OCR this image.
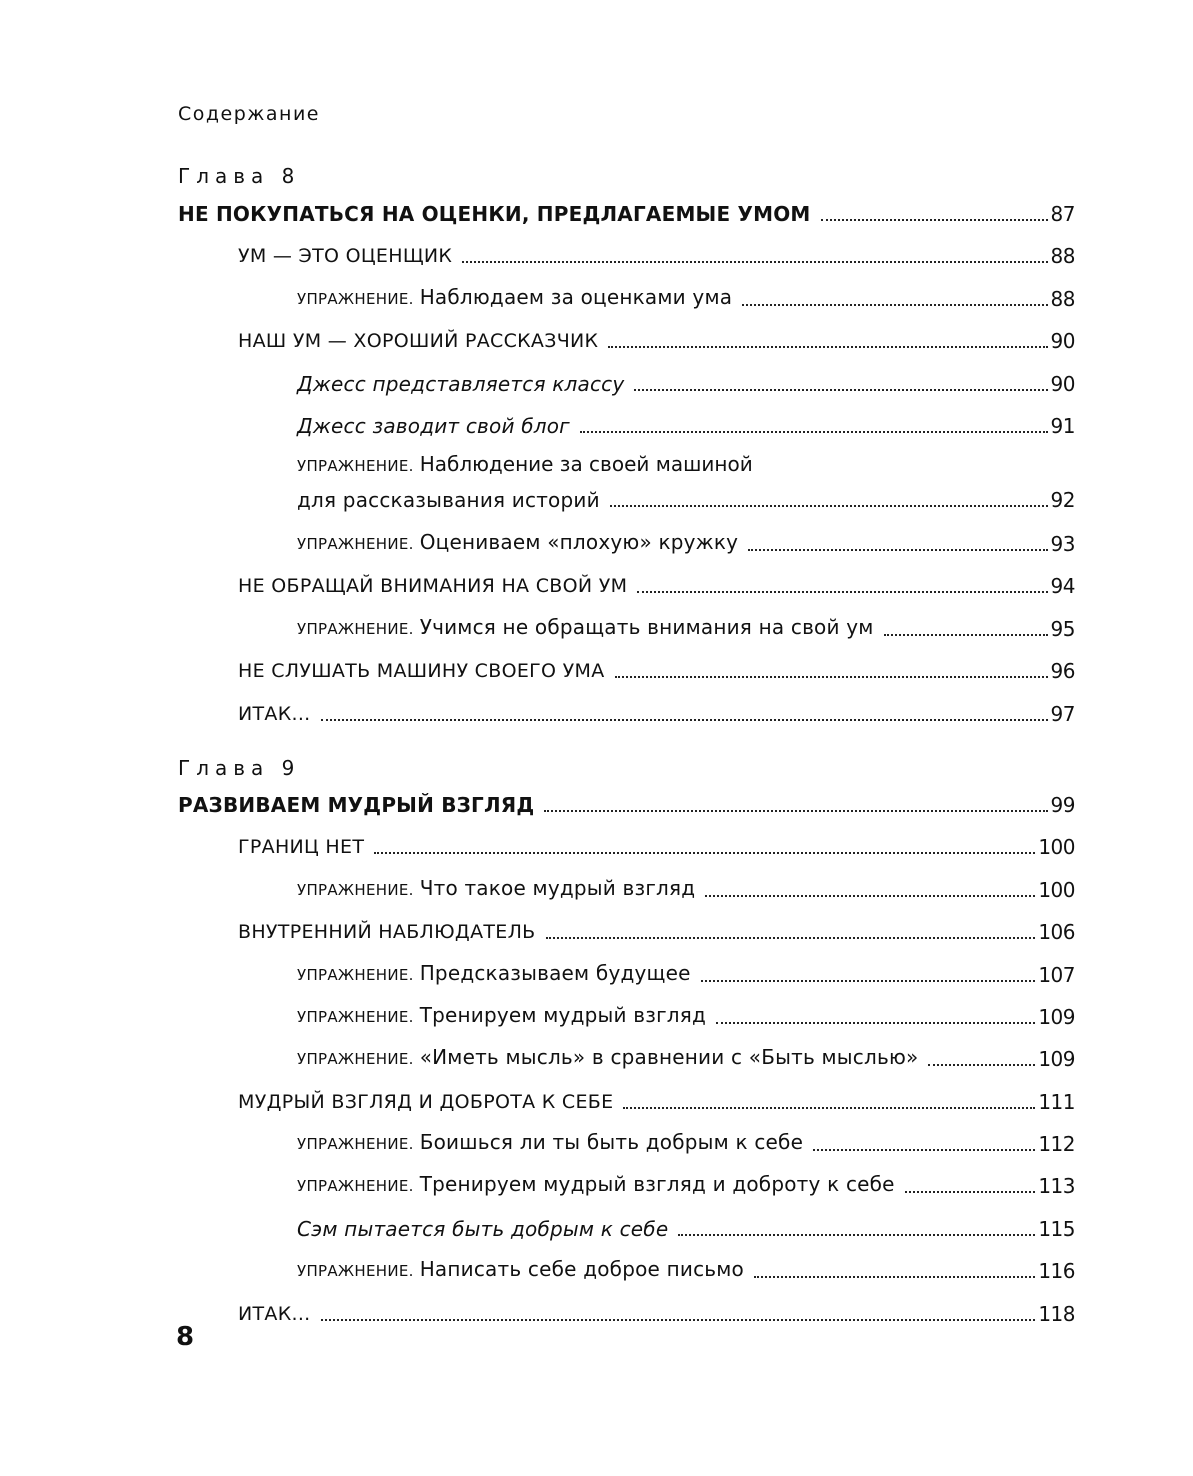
Содержание
Глава 8
НЕ ПОКУПАТЬСЯ НА ОЦЕНКИ, ПРЕДЛАГАЕМЫЕ УМОМ	87
УМ — ЭТО ОЦЕНЩИК	88
УПРАЖНЕНИЕ. Наблюдаем за оценками ума	88
НАШ УМ — ХОРОШИЙ РАССКАЗЧИК	90
Джесс представляется классу	90
Джесс заводит свой блог	91
УПРАЖНЕНИЕ. Наблюдение за своей машиной
для рассказывания историй	92
УПРАЖНЕНИЕ. Оцениваем «плохую» кружку	93
НЕ ОБРАЩАЙ ВНИМАНИЯ НА СВОЙ УМ	94
УПРАЖНЕНИЕ. Учимся не обращать внимания на свой ум	95
НЕ СЛУШАТЬ МАШИНУ СВОЕГО УМА	96
ИТАК...	97
Глава 9
РАЗВИВАЕМ МУДРЫЙ ВЗГЛЯД	99
ГРАНИЦ НЕТ	100
УПРАЖНЕНИЕ. Что такое мудрый взгляд	100
ВНУТРЕННИЙ НАБЛЮДАТЕЛЬ	106
УПРАЖНЕНИЕ. Предсказываем будущее	107
УПРАЖНЕНИЕ. Тренируем мудрый взгляд	109
УПРАЖНЕНИЕ. «Иметь мысль» в сравнении с «Быть мыслью»	109
МУДРЫЙ ВЗГЛЯД И ДОБРОТА К СЕБЕ	111
УПРАЖНЕНИЕ. Боишься ли ты быть добрым к себе	112
УПРАЖНЕНИЕ. Тренируем мудрый взгляд и доброту к себе	113
Сэм пытается быть добрым к себе	115
УПРАЖНЕНИЕ. Написать себе доброе письмо	116
ИТАК...	118
8
